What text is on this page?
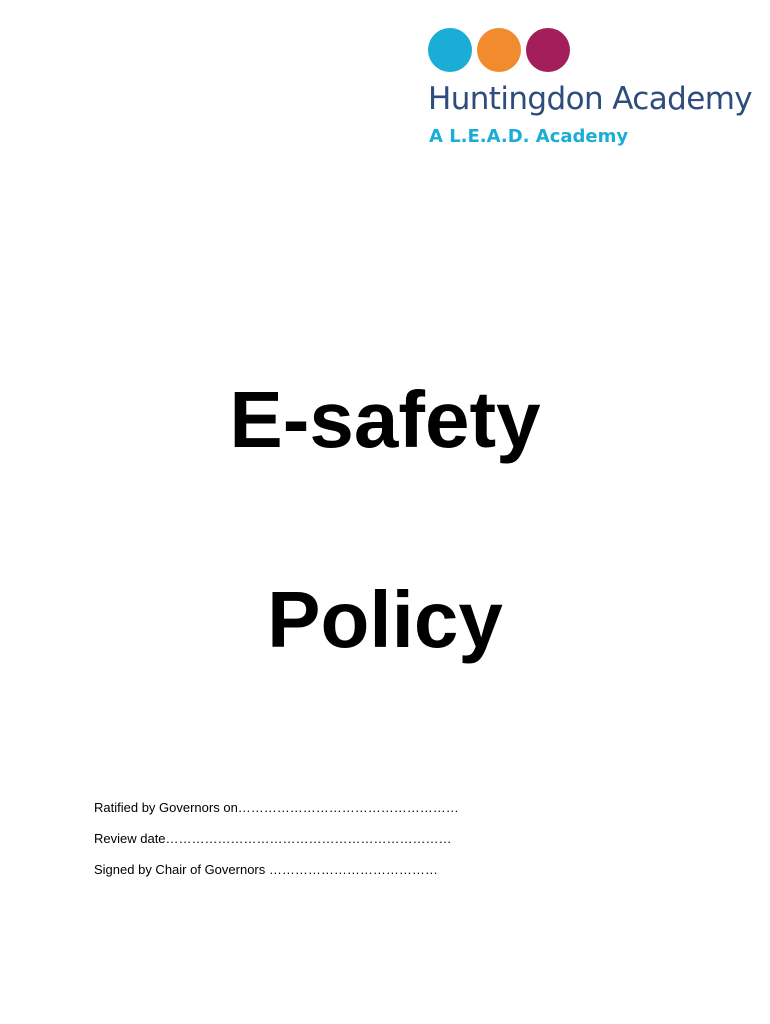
Huntingdon Academy
A L.E.A.D. Academy
E-safety
Policy
Ratified by Governors on……………………………………………
Review date…………………………………………………………
Signed by Chair of Governors …………………………………
